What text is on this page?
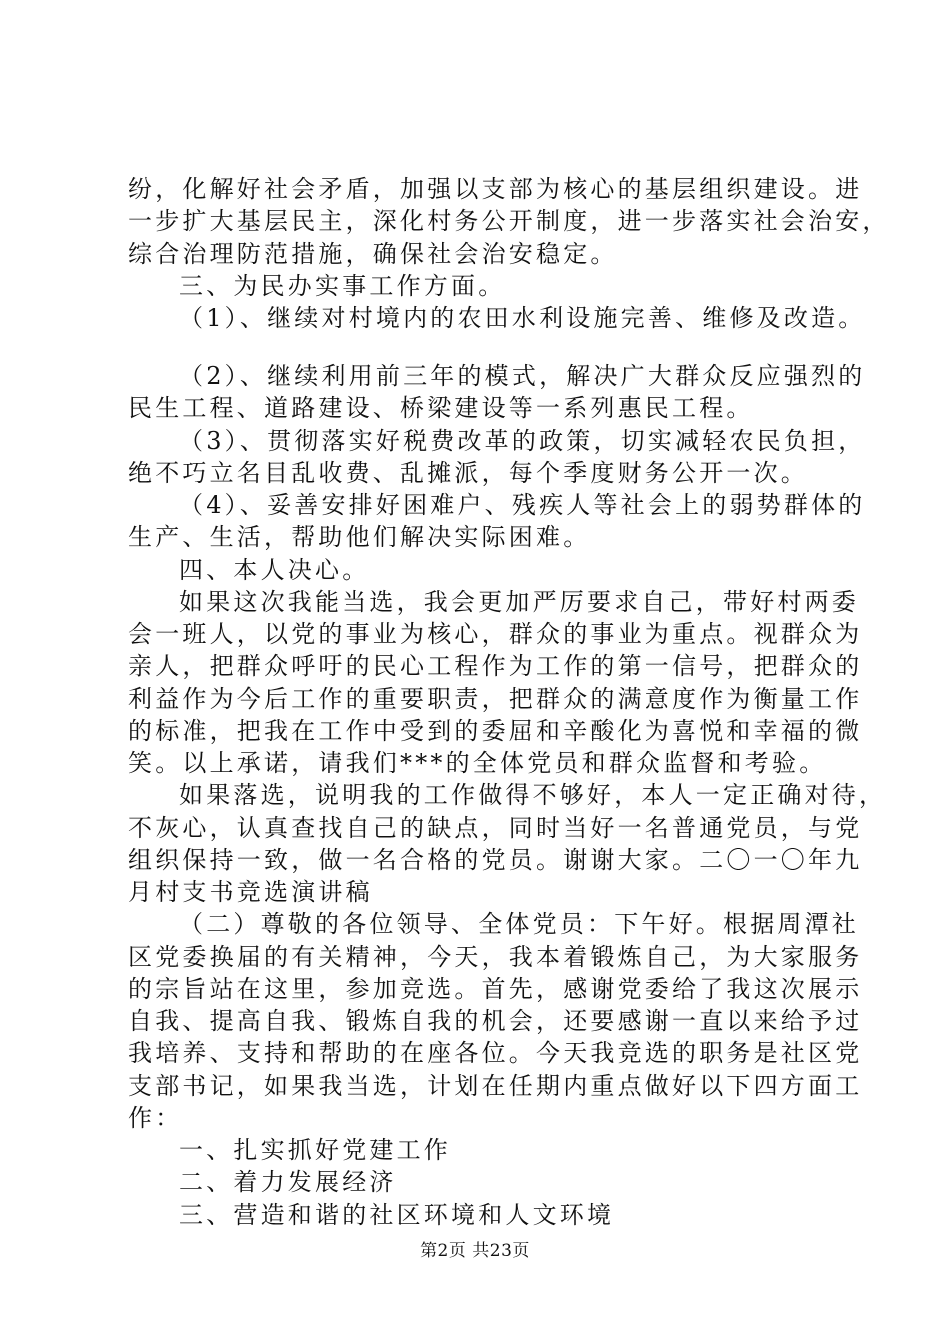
纷，化解好社会矛盾，加强以支部为核心的基层组织建设。进
一步扩大基层民主，深化村务公开制度，进一步落实社会治安，
综合治理防范措施，确保社会治安稳定。
三、为民办实事工作方面。
（1）、继续对村境内的农田水利设施完善、维修及改造。
（2）、继续利用前三年的模式，解决广大群众反应强烈的
民生工程、道路建设、桥梁建设等一系列惠民工程。
（3）、贯彻落实好税费改革的政策，切实减轻农民负担，
绝不巧立名目乱收费、乱摊派，每个季度财务公开一次。
（4）、妥善安排好困难户、残疾人等社会上的弱势群体的
生产、生活，帮助他们解决实际困难。
四、本人决心。
如果这次我能当选，我会更加严厉要求自己，带好村两委
会一班人，以党的事业为核心，群众的事业为重点。视群众为
亲人，把群众呼吁的民心工程作为工作的第一信号，把群众的
利益作为今后工作的重要职责，把群众的满意度作为衡量工作
的标准，把我在工作中受到的委屈和辛酸化为喜悦和幸福的微
笑。以上承诺，请我们***的全体党员和群众监督和考验。
如果落选，说明我的工作做得不够好，本人一定正确对待，
不灰心，认真查找自己的缺点，同时当好一名普通党员，与党
组织保持一致，做一名合格的党员。谢谢大家。二〇一〇年九
月村支书竞选演讲稿
（二）尊敬的各位领导、全体党员：下午好。根据周潭社
区党委换届的有关精神，今天，我本着锻炼自己，为大家服务
的宗旨站在这里，参加竞选。首先，感谢党委给了我这次展示
自我、提高自我、锻炼自我的机会，还要感谢一直以来给予过
我培养、支持和帮助的在座各位。今天我竞选的职务是社区党
支部书记，如果我当选，计划在任期内重点做好以下四方面工
作：
一、扎实抓好党建工作
二、着力发展经济
三、营造和谐的社区环境和人文环境
第2页 共23页
